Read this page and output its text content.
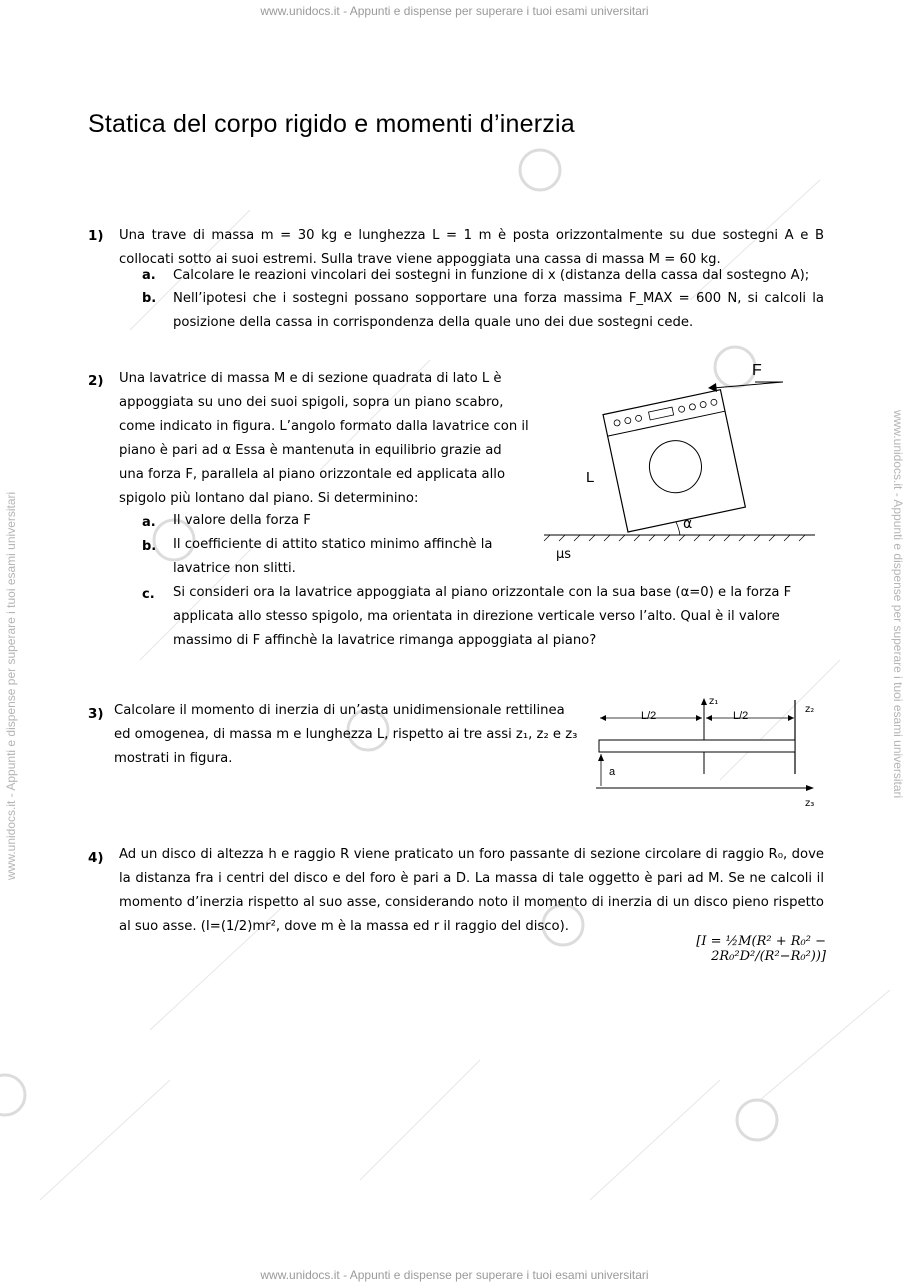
www.unidocs.it - Appunti e dispense per superare i tuoi esami universitari
www.unidocs.it - Appunti e dispense per superare i tuoi esami universitari
www.unidocs.it - Appunti e dispense per superare i tuoi esami universitari	www.unidocs.it - Appunti e dispense per superare i tuoi esami universitari
Statica del corpo rigido e momenti d’inerzia
1) Una trave di massa m = 30 kg e lunghezza L = 1 m è posta orizzontalmente su due sostegni A e B collocati sotto ai suoi estremi. Sulla trave viene appoggiata una cassa di massa M = 60 kg.
a. Calcolare le reazioni vincolari dei sostegni in funzione di x (distanza della cassa dal sostegno A);
b. Nell’ipotesi che i sostegni possano sopportare una forza massima F_MAX = 600 N, si calcoli la posizione della cassa in corrispondenza della quale uno dei due sostegni cede.
2) Una lavatrice di massa M e di sezione quadrata di lato L è appoggiata su uno dei suoi spigoli, sopra un piano scabro, come indicato in figura. L’angolo formato dalla lavatrice con il piano è pari ad α Essa è mantenuta in equilibrio grazie ad una forza F, parallela al piano orizzontale ed applicata allo spigolo più lontano dal piano. Si determinino:
a. Il valore della forza F
b. Il coefficiente di attito statico minimo affinchè la lavatrice non slitti.
c. Si consideri ora la lavatrice appoggiata al piano orizzontale con la sua base (α=0) e la forza F applicata allo stesso spigolo, ma orientata in direzione verticale verso l’alto. Qual è il valore massimo di F affinchè la lavatrice rimanga appoggiata al piano?
F
L
α
μs
3) Calcolare il momento di inerzia di un’asta unidimensionale rettilinea ed omogenea, di massa m e lunghezza L, rispetto ai tre assi z₁, z₂ e z₃ mostrati in figura.
L/2	L/2
z₁
z₂
z₃
a
4) Ad un disco di altezza h e raggio R viene praticato un foro passante di sezione circolare di raggio R₀, dove la distanza fra i centri del disco e del foro è pari a D. La massa di tale oggetto è pari ad M. Se ne calcoli il momento d’inerzia rispetto al suo asse, considerando noto il momento di inerzia di un disco pieno rispetto al suo asse. (I=(1/2)mr², dove m è la massa ed r il raggio del disco).
[I = ½M(R² + R₀² − 2R₀²D²/(R²−R₀²))]
